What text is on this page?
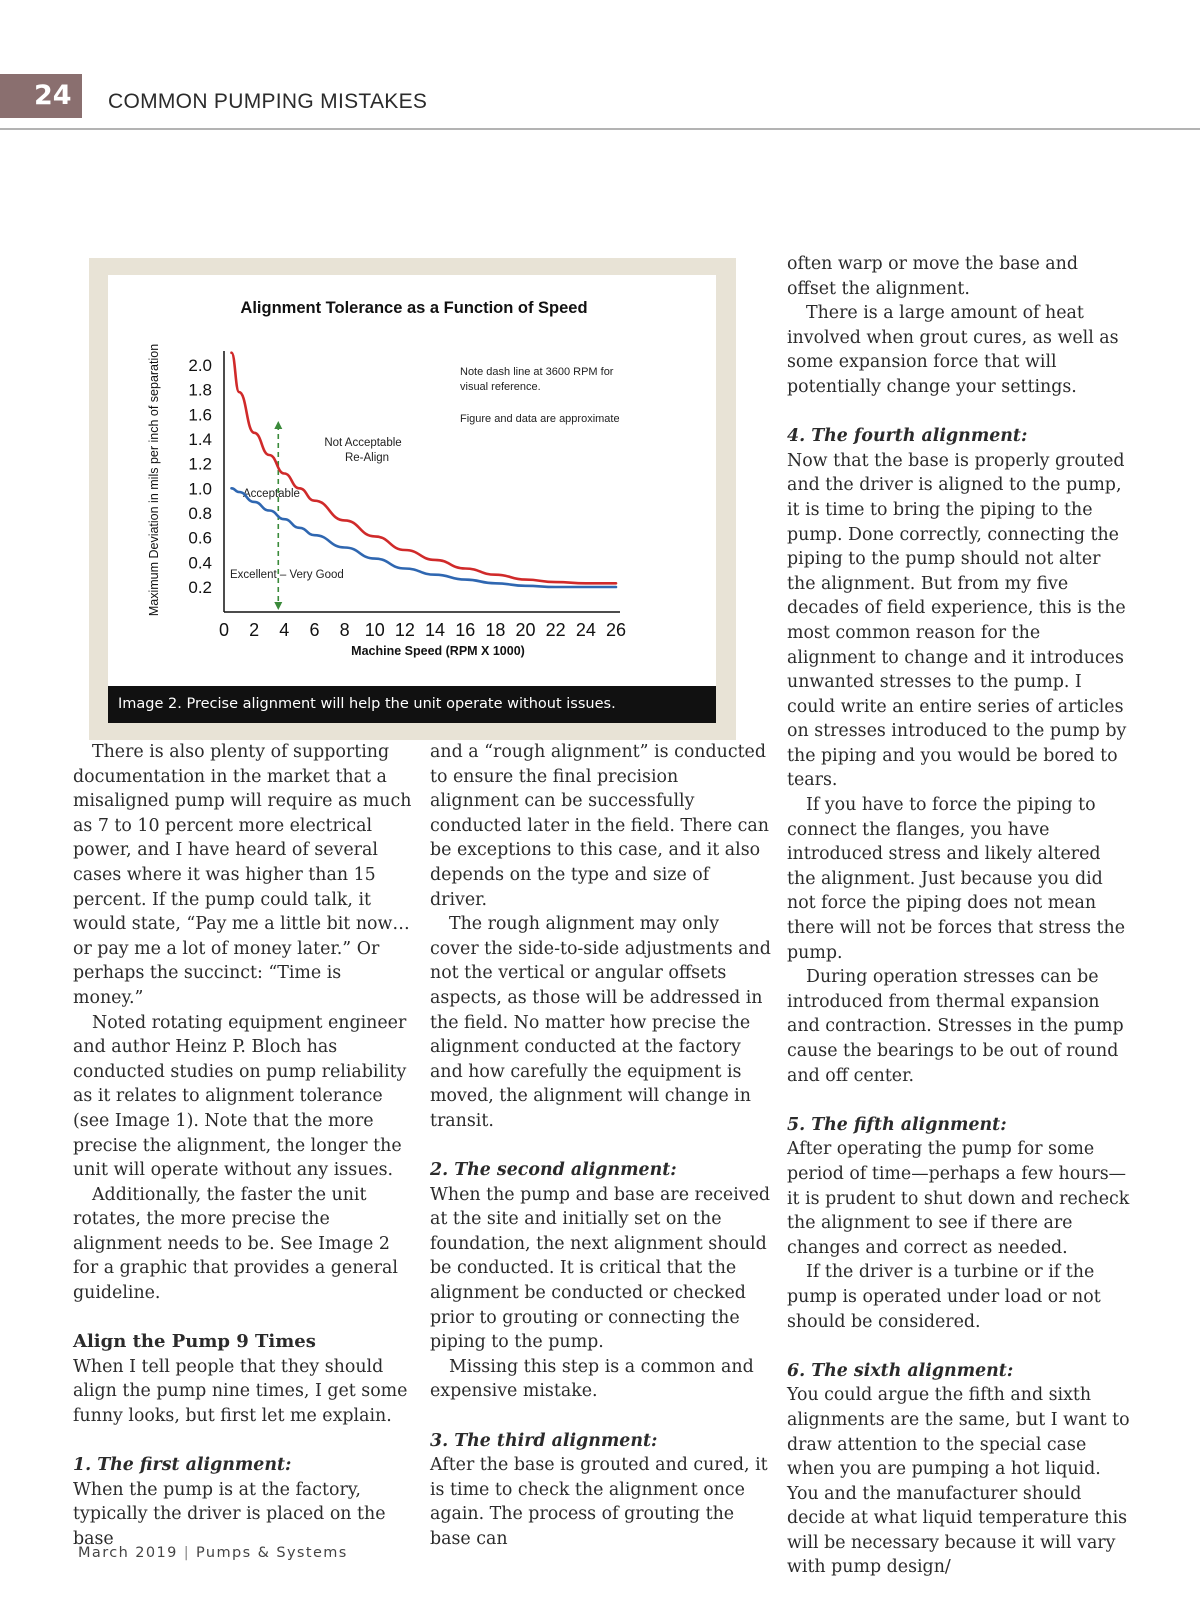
24	COMMON PUMPING MISTAKES
Alignment Tolerance as a Function of Speed
Maximum Deviation in mils per inch of separation
Machine Speed (RPM X 1000)
Note dash line at 3600 RPM for
visual reference.
Figure and data are approximate
Not Acceptable
Re-Align
Acceptable
Excellent – Very Good
2.0
1.8
1.6
1.4
1.2
1.0
0.8
0.6
0.4
0.2
0 2 4 6 8 10 12 14 16 18 20 22 24 26
Image 2. Precise alignment will help the unit operate without issues.

There is also plenty of supporting documentation in the market that a misaligned pump will require as much as 7 to 10 percent more electrical power, and I have heard of several cases where it was higher than 15 percent. If the pump could talk, it would state, “Pay me a little bit now… or pay me a lot of money later.” Or perhaps the succinct: “Time is money.”

Noted rotating equipment engineer and author Heinz P. Bloch has conducted studies on pump reliability as it relates to alignment tolerance (see Image 1). Note that the more precise the alignment, the longer the unit will operate without any issues.

Additionally, the faster the unit rotates, the more precise the alignment needs to be. See Image 2 for a graphic that provides a general guideline.

Align the Pump 9 Times

When I tell people that they should align the pump nine times, I get some funny looks, but first let me explain.

1. The first alignment:

When the pump is at the factory, typically the driver is placed on the base

and a “rough alignment” is conducted to ensure the final precision alignment can be successfully conducted later in the field. There can be exceptions to this case, and it also depends on the type and size of driver.

The rough alignment may only cover the side-to-side adjustments and not the vertical or angular offsets aspects, as those will be addressed in the field. No matter how precise the alignment conducted at the factory and how carefully the equipment is moved, the alignment will change in transit.

2. The second alignment:

When the pump and base are received at the site and initially set on the foundation, the next alignment should be conducted. It is critical that the alignment be conducted or checked prior to grouting or connecting the piping to the pump.

Missing this step is a common and expensive mistake.

3. The third alignment:

After the base is grouted and cured, it is time to check the alignment once again. The process of grouting the base can

often warp or move the base and offset the alignment.

There is a large amount of heat involved when grout cures, as well as some expansion force that will potentially change your settings.

4. The fourth alignment:

Now that the base is properly grouted and the driver is aligned to the pump, it is time to bring the piping to the pump. Done correctly, connecting the piping to the pump should not alter the alignment. But from my five decades of field experience, this is the most common reason for the alignment to change and it introduces unwanted stresses to the pump. I could write an entire series of articles on stresses introduced to the pump by the piping and you would be bored to tears.

If you have to force the piping to connect the flanges, you have introduced stress and likely altered the alignment. Just because you did not force the piping does not mean there will not be forces that stress the pump.

During operation stresses can be introduced from thermal expansion and contraction. Stresses in the pump cause the bearings to be out of round and off center.

5. The fifth alignment:

After operating the pump for some period of time—perhaps a few hours—it is prudent to shut down and recheck the alignment to see if there are changes and correct as needed.

If the driver is a turbine or if the pump is operated under load or not should be considered.

6. The sixth alignment:

You could argue the fifth and sixth alignments are the same, but I want to draw attention to the special case when you are pumping a hot liquid. You and the manufacturer should decide at what liquid temperature this will be necessary because it will vary with pump design/

March 2019 | Pumps & Systems
